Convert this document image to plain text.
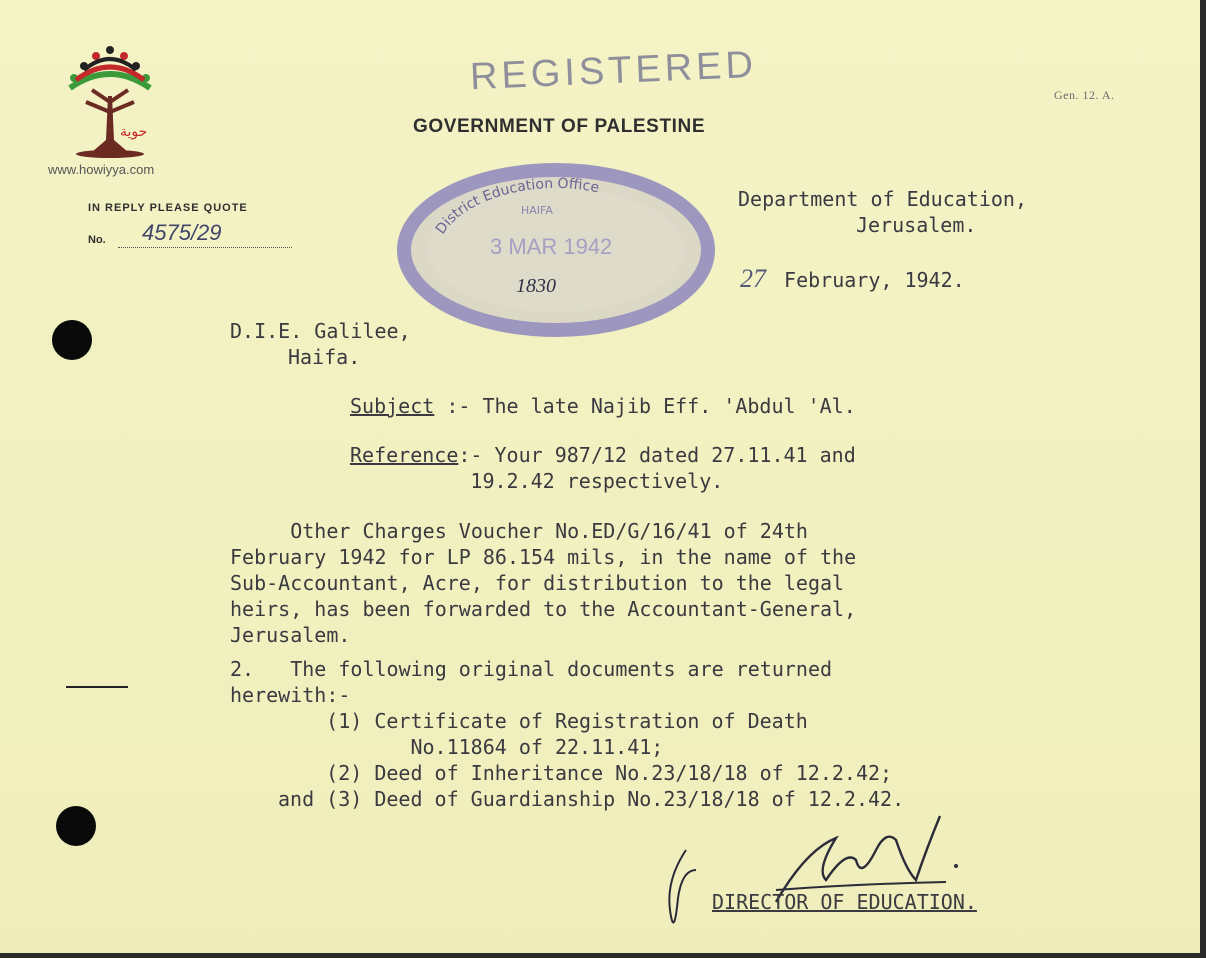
حوية
www.howiyya.com
REGISTERED	Gen. 12. A.
GOVERNMENT OF PALESTINE
IN REPLY PLEASE QUOTE
No. 4575/29	District Education Office
HAIFA
3 MAR 1942
1830
Department of Education,
Jerusalem.
27 February, 1942.
D.I.E. Galilee,
Haifa.
Subject :- The late Najib Eff. 'Abdul 'Al.
Reference:- Your 987/12 dated 27.11.41 and
19.2.42 respectively.
Other Charges Voucher No.ED/G/16/41 of 24th
February 1942 for LP 86.154 mils, in the name of the
Sub-Accountant, Acre, for distribution to the legal
heirs, has been forwarded to the Accountant-General,
Jerusalem.
2.   The following original documents are returned
herewith:-
(1) Certificate of Registration of Death
No.11864 of 22.11.41;
(2) Deed of Inheritance No.23/18/18 of 12.2.42;
and (3) Deed of Guardianship No.23/18/18 of 12.2.42.
DIRECTOR OF EDUCATION.
